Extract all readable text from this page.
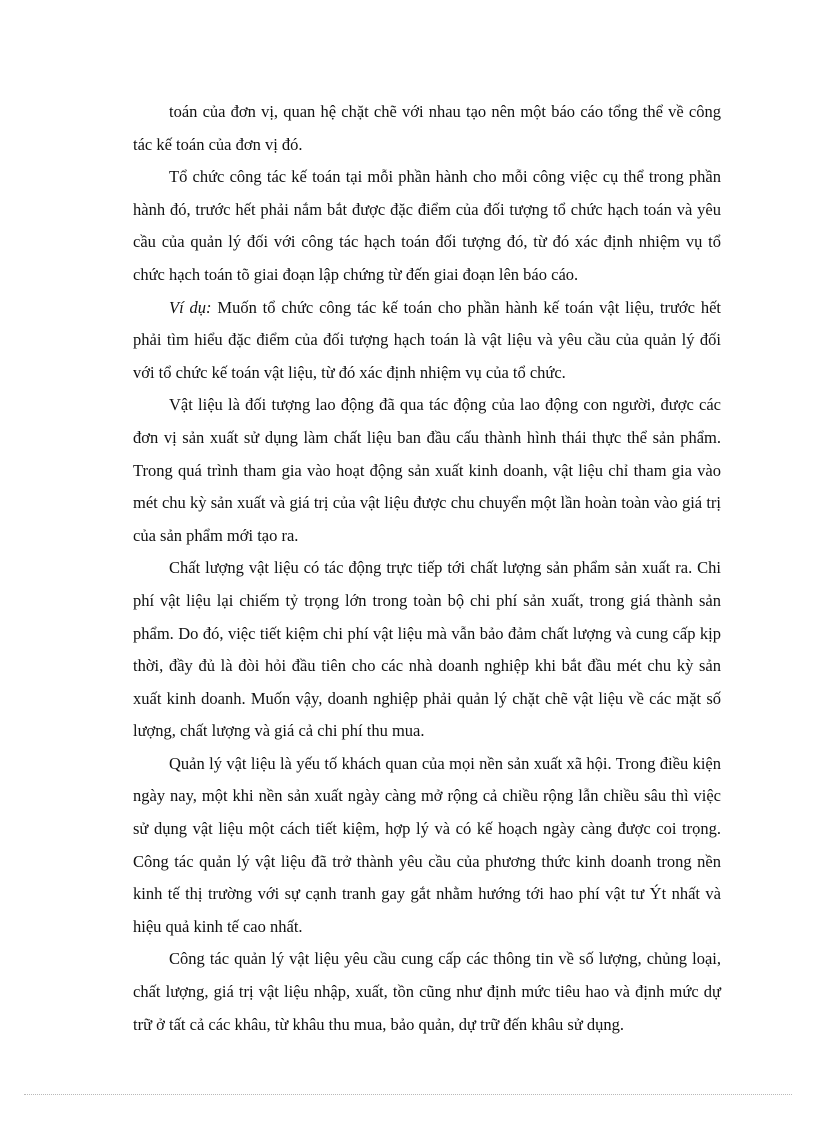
toán của đơn vị, quan hệ chặt chẽ với nhau tạo nên một báo cáo tổng thể về công tác kế toán của đơn vị đó.

Tổ chức công tác kế toán tại mỗi phần hành cho mỗi công việc cụ thể trong phần hành đó, trước hết phải nắm bắt được đặc điểm của đối tượng tổ chức hạch toán và yêu cầu của quản lý đối với công tác hạch toán đối tượng đó, từ đó xác định nhiệm vụ tổ chức hạch toán tõ giai đoạn lập chứng từ đến giai đoạn lên báo cáo.

Ví dụ: Muốn tổ chức công tác kế toán cho phần hành kế toán vật liệu, trước hết phải tìm hiểu đặc điểm của đối tượng hạch toán là vật liệu và yêu cầu của quản lý đối với tổ chức kế toán vật liệu, từ đó xác định nhiệm vụ của tổ chức.

Vật liệu là đối tượng lao động đã qua tác động của lao động con người, được các đơn vị sản xuất sử dụng làm chất liệu ban đầu cấu thành hình thái thực thể sản phẩm. Trong quá trình tham gia vào hoạt động sản xuất kinh doanh, vật liệu chỉ tham gia vào mét chu kỳ sản xuất và giá trị của vật liệu được chu chuyển một lần hoàn toàn vào giá trị của sản phẩm mới tạo ra.

Chất lượng vật liệu có tác động trực tiếp tới chất lượng sản phẩm sản xuất ra. Chi phí vật liệu lại chiếm tỷ trọng lớn trong toàn bộ chi phí sản xuất, trong giá thành sản phẩm. Do đó, việc tiết kiệm chi phí vật liệu mà vẫn bảo đảm chất lượng và cung cấp kịp thời, đầy đủ là đòi hỏi đầu tiên cho các nhà doanh nghiệp khi bắt đầu mét chu kỳ sản xuất kinh doanh. Muốn vậy, doanh nghiệp phải quản lý chặt chẽ vật liệu về các mặt số lượng, chất lượng và giá cả chi phí thu mua.

Quản lý vật liệu là yếu tố khách quan của mọi nền sản xuất xã hội. Trong điều kiện ngày nay, một khi nền sản xuất ngày càng mở rộng cả chiều rộng lẫn chiều sâu thì việc sử dụng vật liệu một cách tiết kiệm, hợp lý và có kế hoạch ngày càng được coi trọng. Công tác quản lý vật liệu đã trở thành yêu cầu của phương thức kinh doanh trong nền kinh tế thị trường với sự cạnh tranh gay gắt nhằm hướng tới hao phí vật tư Ýt nhất và hiệu quả kinh tế cao nhất.

Công tác quản lý vật liệu yêu cầu cung cấp các thông tin về số lượng, chủng loại, chất lượng, giá trị vật liệu nhập, xuất, tồn cũng như định mức tiêu hao và định mức dự trữ ở tất cả các khâu, từ khâu thu mua, bảo quản, dự trữ đến khâu sử dụng.
